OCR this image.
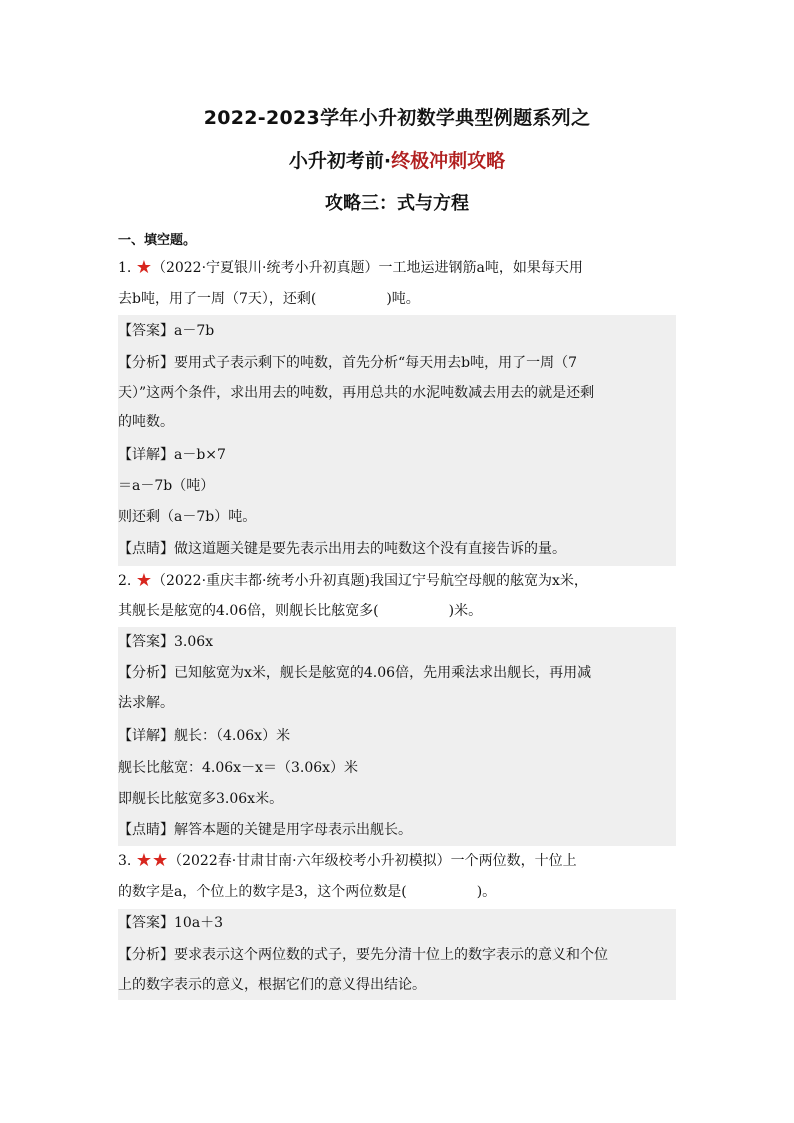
2022-2023学年小升初数学典型例题系列之
小升初考前·终极冲刺攻略
攻略三：式与方程
一、填空题。
1. ★（2022·宁夏银川·统考小升初真题）一工地运进钢筋a吨，如果每天用
去b吨，用了一周（7天），还剩(	)吨。
【答案】a－7b
【分析】要用式子表示剩下的吨数，首先分析“每天用去b吨，用了一周（7
天）”这两个条件，求出用去的吨数，再用总共的水泥吨数减去用去的就是还剩
的吨数。
【详解】a－b×7
＝a－7b（吨）
则还剩（a－7b）吨。
【点睛】做这道题关键是要先表示出用去的吨数这个没有直接告诉的量。
2. ★（2022·重庆丰都·统考小升初真题)我国辽宁号航空母舰的舷宽为x米，
其舰长是舷宽的4.06倍，则舰长比舷宽多(	)米。
【答案】3.06x
【分析】已知舷宽为x米，舰长是舷宽的4.06倍，先用乘法求出舰长，再用减
法求解。
【详解】舰长：（4.06x）米
舰长比舷宽：4.06x－x＝（3.06x）米
即舰长比舷宽多3.06x米。
【点睛】解答本题的关键是用字母表示出舰长。
3. ★★（2022春·甘肃甘南·六年级校考小升初模拟）一个两位数，十位上
的数字是a，个位上的数字是3，这个两位数是(	)。
【答案】10a＋3
【分析】要求表示这个两位数的式子，要先分清十位上的数字表示的意义和个位
上的数字表示的意义，根据它们的意义得出结论。
